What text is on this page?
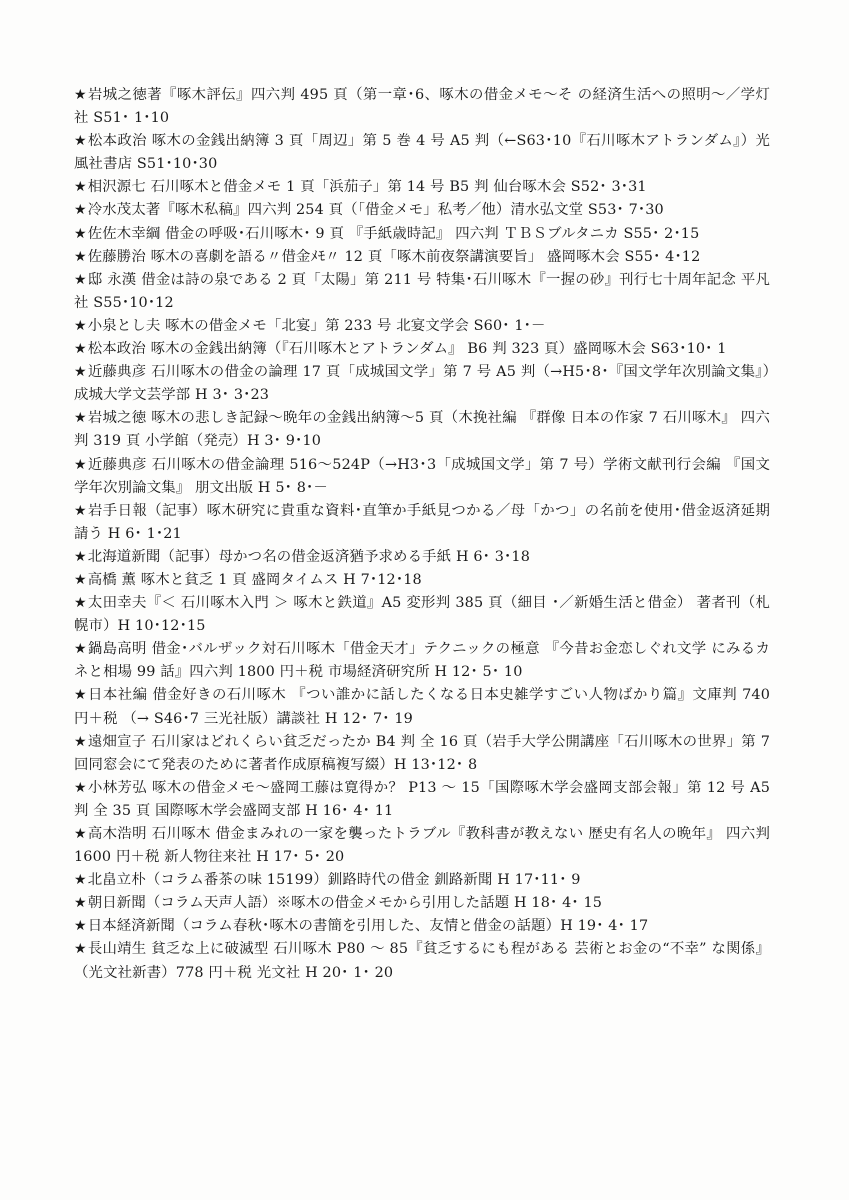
★岩城之徳著『啄木評伝』四六判 495 頁（第一章･6、啄木の借金メモ〜そ の経済生活への照明〜／学灯社 S51･ 1･10
★松本政治 啄木の金銭出納簿 3 頁「周辺」第 5 巻 4 号 A5 判（←S63･10『石川啄木アトランダム』）光風社書店 S51･10･30
★相沢源七 石川啄木と借金メモ 1 頁「浜茄子」第 14 号 B5 判 仙台啄木会 S52･ 3･31
★冷水茂太著『啄木私稿』四六判 254 頁（｢借金メモ」私考／他）清水弘文堂 S53･ 7･30
★佐佐木幸綱 借金の呼吸･石川啄木･ 9 頁 『手紙歳時記』 四六判 ＴＢＳブルタニカ S55･ 2･15
★佐藤勝治 啄木の喜劇を語る〃借金ﾒﾓ〃 12 頁「啄木前夜祭講演要旨」 盛岡啄木会 S55･ 4･12
★邸 永漢 借金は詩の泉である 2 頁「太陽」第 211 号 特集･石川啄木『一握の砂』刊行七十周年記念 平凡社 S55･10･12
★小泉とし夫 啄木の借金メモ「北宴」第 233 号 北宴文学会 S60･ 1･－
★松本政治 啄木の金銭出納簿（『石川啄木とアトランダム』 B6 判 323 頁）盛岡啄木会 S63･10･ 1
★近藤典彦 石川啄木の借金の論理 17 頁「成城国文学」第 7 号 A5 判（→H5･8･『国文学年次別論文集』）成城大学文芸学部 H 3･ 3･23
★岩城之徳 啄木の悲しき記録〜晩年の金銭出納簿〜5 頁（木挽社編 『群像 日本の作家 7 石川啄木』 四六判 319 頁 小学館（発売）H 3･ 9･10
★近藤典彦 石川啄木の借金論理 516〜524P（→H3･3「成城国文学」第 7 号）学術文献刊行会編 『国文学年次別論文集』 朋文出版 H 5･ 8･－
★岩手日報（記事）啄木研究に貴重な資料･直筆か手紙見つかる／母「かつ」の名前を使用･借金返済延期請う H 6･ 1･21
★北海道新聞（記事）母かつ名の借金返済猶予求める手紙 H 6･ 3･18
★高橋 薫 啄木と貧乏 1 頁 盛岡タイムス H 7･12･18
★太田幸夫『＜ 石川啄木入門 ＞ 啄木と鉄道』A5 変形判 385 頁（細目 ･／新婚生活と借金） 著者刊（札幌市）H 10･12･15
★鍋島高明 借金･バルザック対石川啄木「借金天才」テクニックの極意 『今昔お金恋しぐれ文学 にみるカネと相場 99 話』四六判 1800 円＋税 市場経済研究所 H 12･ 5･ 10
★日本社編 借金好きの石川啄木 『つい誰かに話したくなる日本史雑学すごい人物ばかり篇』文庫判 740 円＋税 （→ S46･7 三光社版）講談社 H 12･ 7･ 19
★遠畑宣子 石川家はどれくらい貧乏だったか B4 判 全 16 頁（岩手大学公開講座「石川啄木の世界」第 7 回同窓会にて発表のために著者作成原稿複写綴）H 13･12･ 8
★小林芳弘 啄木の借金メモ〜盛岡工藤は寛得か？ P13 〜 15「国際啄木学会盛岡支部会報」第 12 号 A5 判 全 35 頁 国際啄木学会盛岡支部 H 16･ 4･ 11
★高木浩明 石川啄木 借金まみれの一家を襲ったトラブル『教科書が教えない 歴史有名人の晩年』 四六判 1600 円＋税 新人物往来社 H 17･ 5･ 20
★北畠立朴（コラム番茶の味 15199）釧路時代の借金 釧路新聞 H 17･11･ 9
★朝日新聞（コラム天声人語）※啄木の借金メモから引用した話題 H 18･ 4･ 15
★日本経済新聞（コラム春秋･啄木の書簡を引用した、友情と借金の話題）H 19･ 4･ 17
★長山靖生 貧乏な上に破滅型 石川啄木 P80 〜 85『貧乏するにも程がある 芸術とお金の“不幸” な関係』（光文社新書）778 円＋税 光文社 H 20･ 1･ 20
